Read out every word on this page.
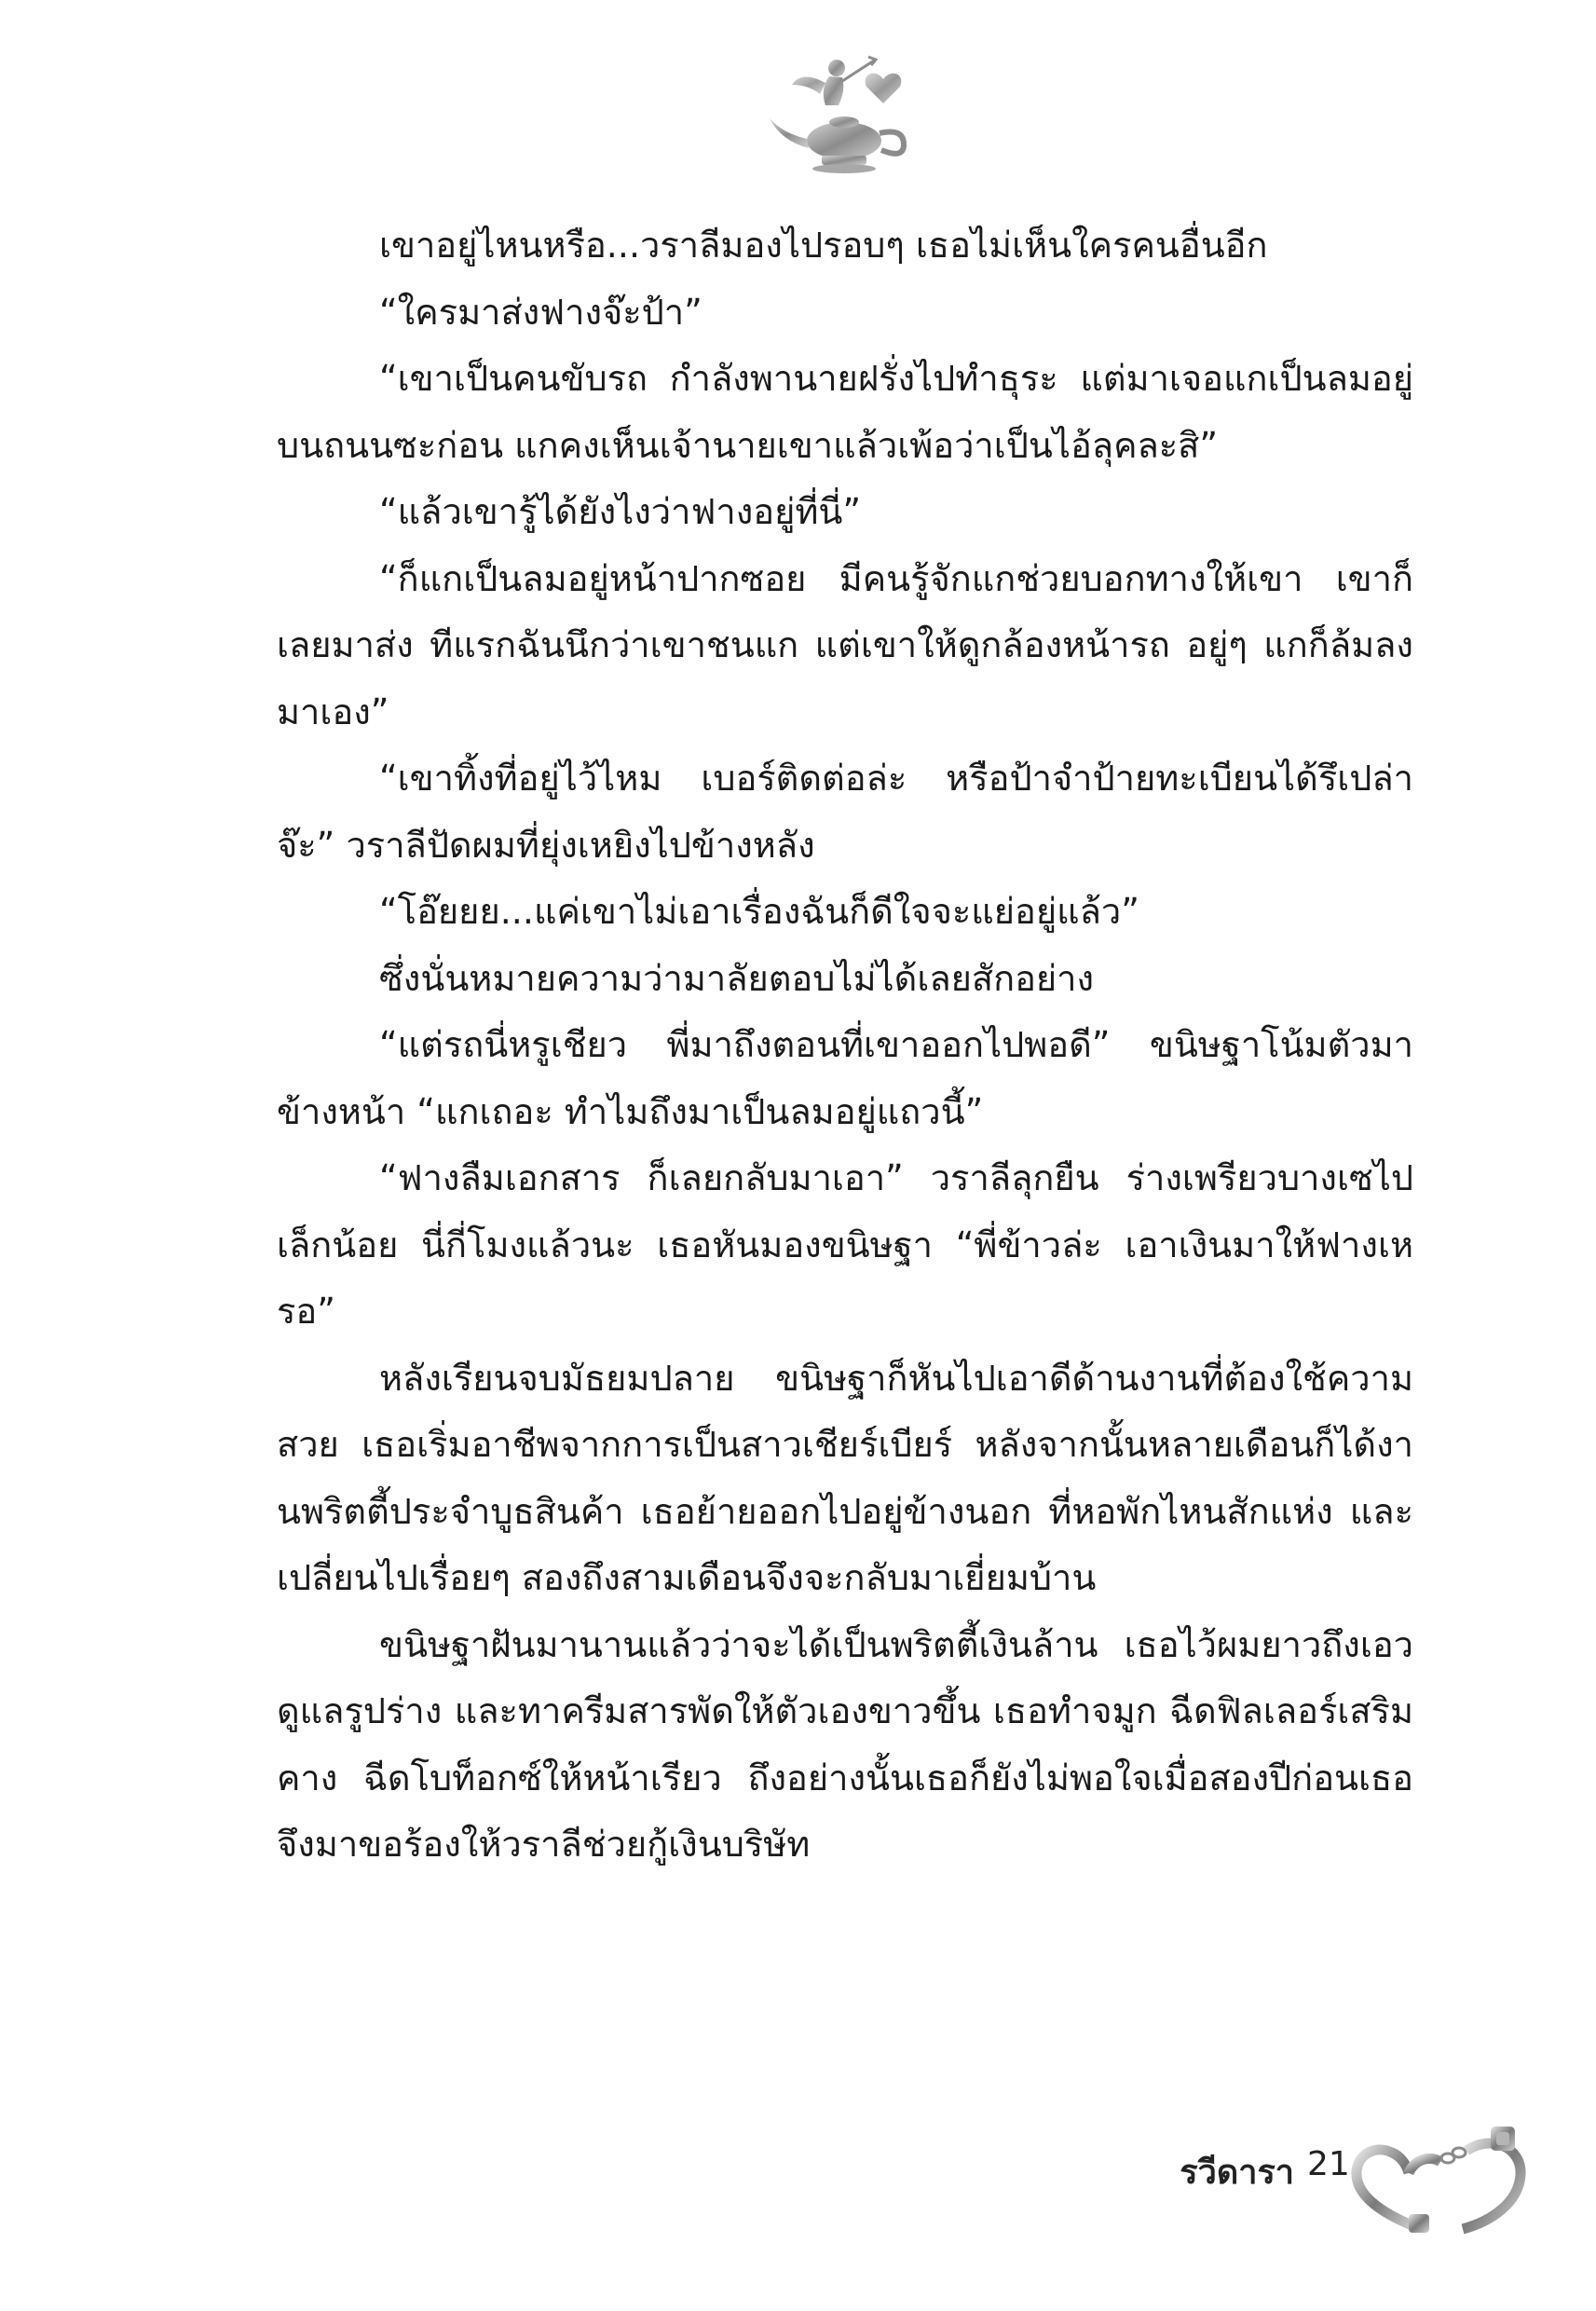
เขาอยู่ไหนหรือ...วราลีมองไปรอบๆ เธอไม่เห็นใครคนอื่นอีก

“ใครมาส่งฟางจ๊ะป้า”

“เขาเป็นคนขับรถ กำลังพานายฝรั่งไปทำธุระ แต่มาเจอแกเป็นลมอยู่บนถนนซะก่อน แกคงเห็นเจ้านายเขาแล้วเพ้อว่าเป็นไอ้ลุคละสิ”

“แล้วเขารู้ได้ยังไงว่าฟางอยู่ที่นี่”

“ก็แกเป็นลมอยู่หน้าปากซอย มีคนรู้จักแกช่วยบอกทางให้เขา เขาก็เลยมาส่ง ทีแรกฉันนึกว่าเขาชนแก แต่เขาให้ดูกล้องหน้ารถ อยู่ๆ แกก็ล้มลงมาเอง”

“เขาทิ้งที่อยู่ไว้ไหม เบอร์ติดต่อล่ะ หรือป้าจำป้ายทะเบียนได้รึเปล่าจ๊ะ” วราลีปัดผมที่ยุ่งเหยิงไปข้างหลัง

“โอ๊ยยย...แค่เขาไม่เอาเรื่องฉันก็ดีใจจะแย่อยู่แล้ว”

ซึ่งนั่นหมายความว่ามาลัยตอบไม่ได้เลยสักอย่าง

“แต่รถนี่หรูเชียว พี่มาถึงตอนที่เขาออกไปพอดี” ขนิษฐาโน้มตัวมาข้างหน้า “แกเถอะ ทำไมถึงมาเป็นลมอยู่แถวนี้”

“ฟางลืมเอกสาร ก็เลยกลับมาเอา” วราลีลุกยืน ร่างเพรียวบางเซไปเล็กน้อย นี่กี่โมงแล้วนะ เธอหันมองขนิษฐา “พี่ข้าวล่ะ เอาเงินมาให้ฟางเหรอ”

หลังเรียนจบมัธยมปลาย ขนิษฐาก็หันไปเอาดีด้านงานที่ต้องใช้ความสวย เธอเริ่มอาชีพจากการเป็นสาวเชียร์เบียร์ หลังจากนั้นหลายเดือนก็ได้งานพริตตี้ประจำบูธสินค้า เธอย้ายออกไปอยู่ข้างนอก ที่หอพักไหนสักแห่ง และเปลี่ยนไปเรื่อยๆ สองถึงสามเดือนจึงจะกลับมาเยี่ยมบ้าน

ขนิษฐาฝันมานานแล้วว่าจะได้เป็นพริตตี้เงินล้าน เธอไว้ผมยาวถึงเอว ดูแลรูปร่าง และทาครีมสารพัดให้ตัวเองขาวขึ้น เธอทำจมูก ฉีดฟิลเลอร์เสริมคาง ฉีดโบท็อกซ์ให้หน้าเรียว ถึงอย่างนั้นเธอก็ยังไม่พอใจเมื่อสองปีก่อนเธอจึงมาขอร้องให้วราลีช่วยกู้เงินบริษัท

รวีดารา 21
